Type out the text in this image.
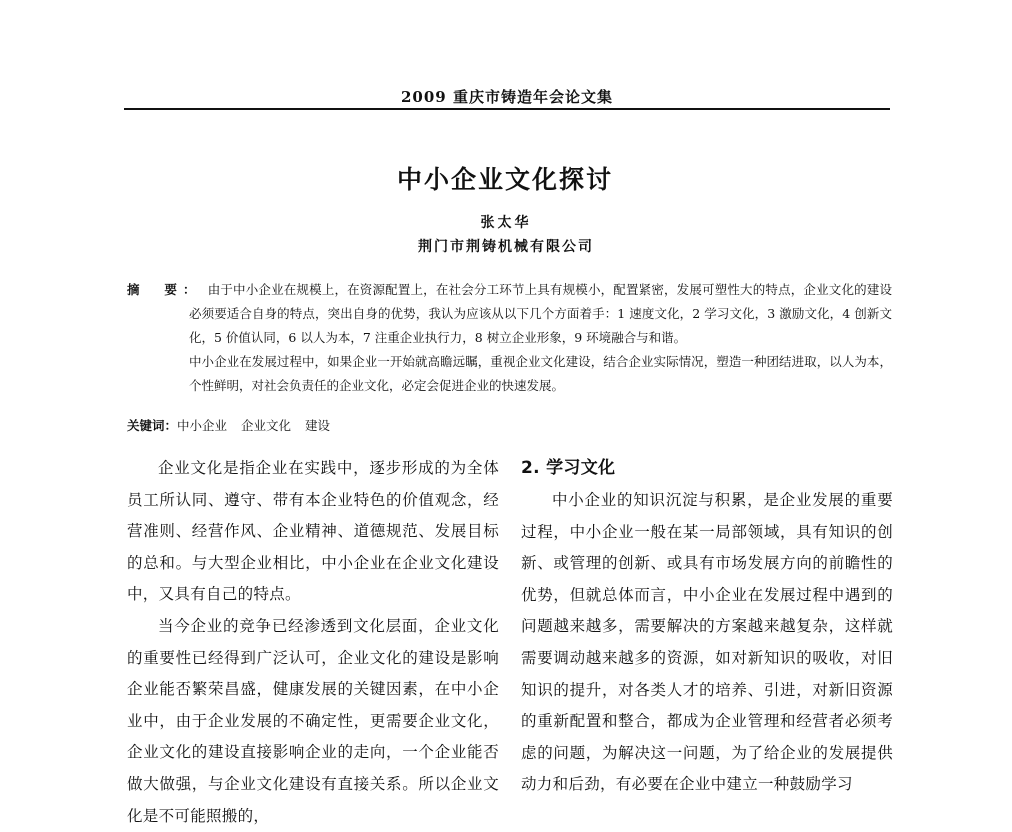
2009 重庆市铸造年会论文集
中小企业文化探讨
张太华
荆门市荆铸机械有限公司

摘　要： 由于中小企业在规模上，在资源配置上，在社会分工环节上具有规模小，配置紧密，发展可塑性大的特点，企业文化的建设必须要适合自身的特点，突出自身的优势，我认为应该从以下几个方面着手：1 速度文化，2 学习文化，3 激励文化，4 创新文化，5 价值认同，6 以人为本，7 注重企业执行力，8 树立企业形象，9 环境融合与和谐。

中小企业在发展过程中，如果企业一开始就高瞻远瞩，重视企业文化建设，结合企业实际情况，塑造一种团结进取，以人为本，个性鲜明，对社会负责任的企业文化，必定会促进企业的快速发展。

关键词：中小企业 企业文化 建设

企业文化是指企业在实践中，逐步形成的为全体员工所认同、遵守、带有本企业特色的价值观念，经营准则、经营作风、企业精神、道德规范、发展目标的总和。与大型企业相比，中小企业在企业文化建设中，又具有自己的特点。

当今企业的竞争已经渗透到文化层面，企业文化的重要性已经得到广泛认可，企业文化的建设是影响企业能否繁荣昌盛，健康发展的关键因素，在中小企业中，由于企业发展的不确定性，更需要企业文化，企业文化的建设直接影响企业的走向，一个企业能否做大做强，与企业文化建设有直接关系。所以企业文化是不可能照搬的，

2. 学习文化

中小企业的知识沉淀与积累，是企业发展的重要过程，中小企业一般在某一局部领域，具有知识的创新、或管理的创新、或具有市场发展方向的前瞻性的优势，但就总体而言，中小企业在发展过程中遇到的问题越来越多，需要解决的方案越来越复杂，这样就需要调动越来越多的资源，如对新知识的吸收，对旧知识的提升，对各类人才的培养、引进，对新旧资源的重新配置和整合，都成为企业管理和经营者必须考虑的问题，为解决这一问题，为了给企业的发展提供动力和后劲，有必要在企业中建立一种鼓励学习
